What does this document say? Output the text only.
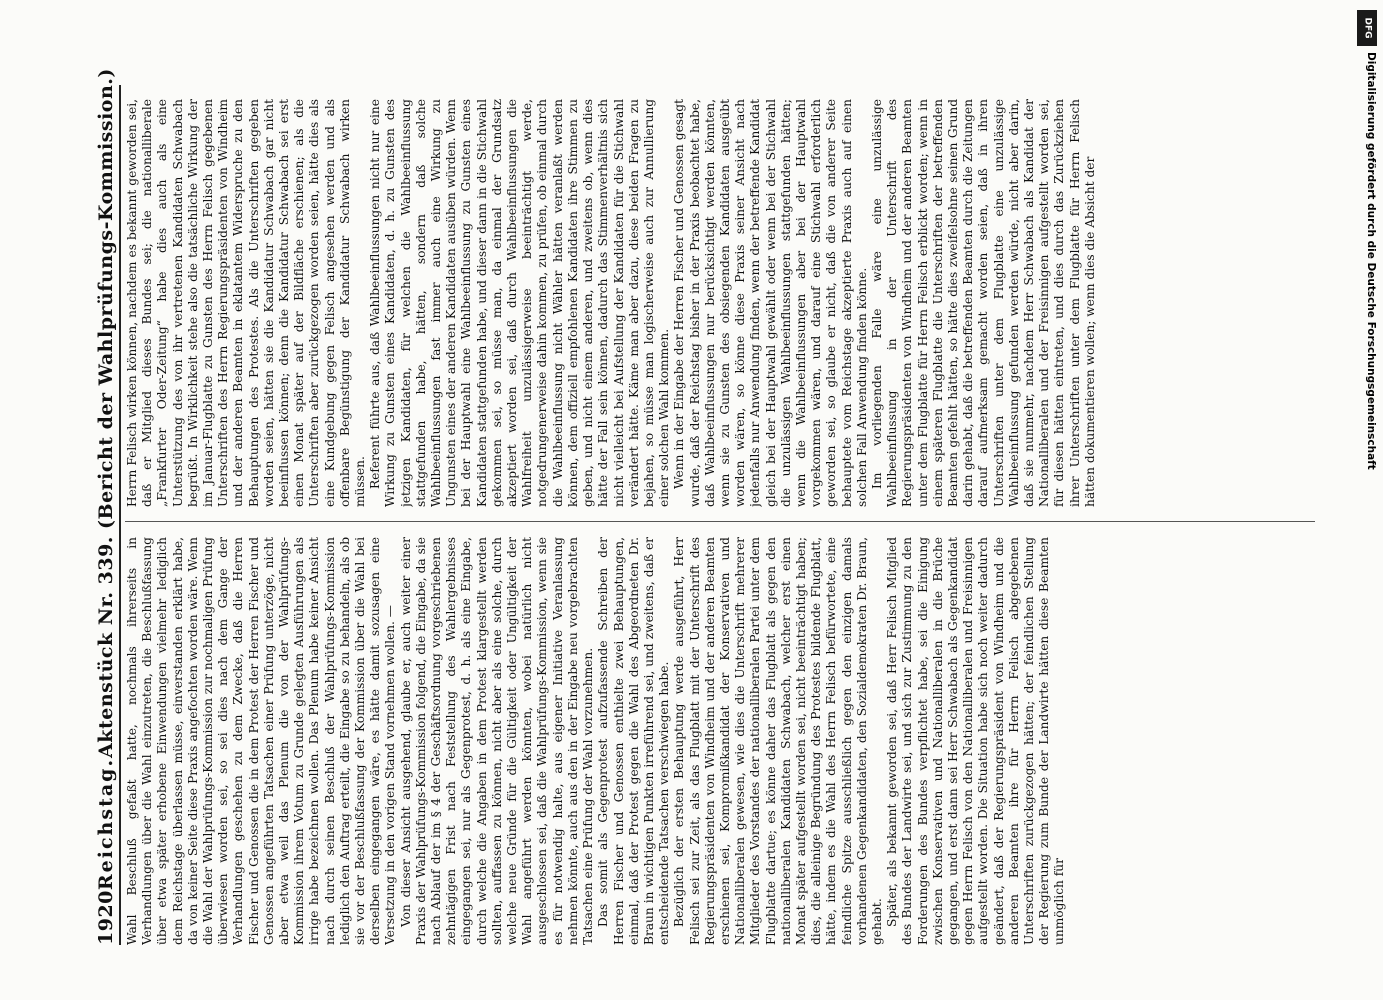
1920
Reichstag.
Aktenstück Nr. 339. (Bericht der Wahlprüfungs-Kommission.) Wahl Beschluß gefaßt hatte, nochmals ihrerseits in Verhandlungen über die Wahl einzutreten, die Beschlußfassung über etwa später erhobene Einwendungen vielmehr lediglich dem Reichstage überlassen müsse, einverstanden erklärt habe, da von keiner Seite diese Praxis angefochten worden wäre. Wenn die Wahl der Wahlprüfungs-Kommission zur nochmaligen Prüfung überwiesen worden sei, so sei dies nach dem Gange der Verhandlungen geschehen zu dem Zwecke, daß die Herren Fischer und Genossen die in dem Protest der Herren Fischer und Genossen angeführten Tatsachen einer Prüfung unterzöge, nicht aber etwa weil das Plenum die von der Wahlprüfungs-Kommission ihrem Votum zu Grunde gelegten Ausführungen als irrige habe bezeichnen wollen. Das Plenum habe keiner Ansicht nach durch seinen Beschluß der Wahlprüfungs-Kommission lediglich den Auftrag erteilt, die Eingabe so zu behandeln, als ob sie vor der Beschlußfassung der Kommission über die Wahl bei derselben eingegangen wäre, es hätte damit sozusagen eine Versetzung in den vorigen Stand vornehmen wollen. — Von dieser Ansicht ausgehend, glaube er, auch weiter einer Praxis der Wahlprüfungs-Kommission folgend, die Eingabe, da sie nach Ablauf der im § 4 der Geschäftsordnung vorgeschriebenen zehntägigen Frist nach Feststellung des Wahlergebnisses eingegangen sei, nur als Gegenprotest, d. h. als eine Eingabe, durch welche die Angaben in dem Protest klargestellt werden sollten, auffassen zu können, nicht aber als eine solche, durch welche neue Gründe für die Gültigkeit oder Ungültigkeit der Wahl angeführt werden könnten, wobei natürlich nicht ausgeschlossen sei, daß die Wahlprüfungs-Kommission, wenn sie es für notwendig halte, aus eigener Initiative Veranlassung nehmen könnte, auch aus den in der Eingabe neu vorgebrachten Tatsachen eine Prüfung der Wahl vorzunehmen. Das somit als Gegenprotest aufzufassende Schreiben der Herren Fischer und Genossen enthielte zwei Behauptungen, einmal, daß der Protest gegen die Wahl des Abgeordneten Dr. Braun in wichtigen Punkten irreführend sei, und zweitens, daß er entscheidende Tatsachen verschwiegen habe. Bezüglich der ersten Behauptung werde ausgeführt, Herr Felisch sei zur Zeit, als das Flugblatt mit der Unterschrift des Regierungspräsidenten von Windheim und der anderen Beamten erschienen sei, Kompromißkandidat der Konservativen und Nationalliberalen gewesen, wie dies die Unterschrift mehrerer Mitglieder des Vorstandes der nationalliberalen Partei unter dem Flugblatte dartue; es könne daher das Flugblatt als gegen den nationalliberalen Kandidaten Schwabach, welcher erst einen Monat später aufgestellt worden sei, nicht beeinträchtigt haben; dies, die alleinige Begründung des Protestes bildende Flugblatt, hätte, indem es die Wahl des Herrn Felisch befürwortete, eine feindliche Spitze ausschließlich gegen den einzigen damals vorhandenen Gegenkandidaten, den Sozialdemokraten Dr. Braun, gehabt. Später, als bekannt geworden sei, daß Herr Felisch Mitglied des Bundes der Landwirte sei, und sich zur Zustimmung zu den Forderungen des Bundes verpflichtet habe, sei die Einigung zwischen Konservativen und Nationalliberalen in die Brüche gegangen, und erst dann sei Herr Schwabach als Gegenkandidat gegen Herrn Felisch von den Nationalliberalen und Freisinnigen aufgestellt worden. Die Situation habe sich noch weiter dadurch geändert, daß der Regierungspräsident von Windheim und die anderen Beamten ihre für Herrn Felisch abgegebenen Unterschriften zurückgezogen hätten; der feindlichen Stellung der Regierung zum Bunde der Landwirte hätten diese Beamten unmöglich für

Herrn Felisch wirken können, nachdem es bekannt geworden sei, daß er Mitglied dieses Bundes sei; die nationalliberale „Frankfurter Oder-Zeitung“ habe dies auch als eine Unterstützung des von ihr vertretenen Kandidaten Schwabach begrüßt. In Wirklichkeit stehe also die tatsächliche Wirkung der im Januar-Flugblatte zu Gunsten des Herrn Felisch gegebenen Unterschriften des Herrn Regierungspräsidenten von Windheim und der anderen Beamten in eklatantem Widerspruche zu den Behauptungen des Protestes. Als die Unterschriften gegeben worden seien, hätten sie die Kandidatur Schwabach gar nicht beeinflussen können; denn die Kandidatur Schwabach sei erst einen Monat später auf der Bildfläche erschienen; als die Unterschriften aber zurückgezogen worden seien, hätte dies als eine Kundgebung gegen Felisch angesehen werden und als offenbare Begünstigung der Kandidatur Schwabach wirken müssen. Referent führte aus, daß Wahlbeeinflussungen nicht nur eine Wirkung zu Gunsten eines Kandidaten, d. h. zu Gunsten des jetzigen Kandidaten, für welchen die Wahlbeeinflussung stattgefunden habe, hätten, sondern daß solche Wahlbeeinflussungen fast immer auch eine Wirkung zu Ungunsten eines der anderen Kandidaten ausüben würden. Wenn bei der Hauptwahl eine Wahlbeeinflussung zu Gunsten eines Kandidaten stattgefunden habe, und dieser dann in die Stichwahl gekommen sei, so müsse man, da einmal der Grundsatz akzeptiert worden sei, daß durch Wahlbeeinflussungen die Wahlfreiheit unzulässigerweise beeinträchtigt werde, notgedrungenerweise dahin kommen, zu prüfen, ob einmal durch die Wahlbeeinflussung nicht Wähler hätten veranlaßt werden können, dem offiziell empfohlenen Kandidaten ihre Stimmen zu geben, und nicht einem anderen, und zweitens ob, wenn dies hätte der Fall sein können, dadurch das Stimmenverhältnis sich nicht vielleicht bei Aufstellung der Kandidaten für die Stichwahl verändert hätte. Käme man aber dazu, diese beiden Fragen zu bejahen, so müsse man logischerweise auch zur Annullierung einer solchen Wahl kommen. Wenn in der Eingabe der Herren Fischer und Genossen gesagt wurde, daß der Reichstag bisher in der Praxis beobachtet habe, daß Wahlbeeinflussungen nur berücksichtigt werden könnten, wenn sie zu Gunsten des obsiegenden Kandidaten ausgeübt worden wären, so könne diese Praxis seiner Ansicht nach jedenfalls nur Anwendung finden, wenn der betreffende Kandidat gleich bei der Hauptwahl gewählt oder wenn bei der Stichwahl die unzulässigen Wahlbeeinflussungen stattgefunden hätten; wenn die Wahlbeeinflussungen aber bei der Hauptwahl vorgekommen wären, und darauf eine Stichwahl erforderlich geworden sei, so glaube er nicht, daß die von anderer Seite behauptete vom Reichstage akzeptierte Praxis auch auf einen solchen Fall Anwendung finden könne. Im vorliegenden Falle wäre eine unzulässige Wahlbeeinflussung in der Unterschrift des Regierungspräsidenten von Windheim und der anderen Beamten unter dem Flugblatte für Herrn Felisch erblickt worden; wenn in einem späteren Flugblatte die Unterschriften der betreffenden Beamten gefehlt hätten, so hätte dies zweifelsohne seinen Grund darin gehabt, daß die betreffenden Beamten durch die Zeitungen darauf aufmerksam gemacht worden seien, daß in ihren Unterschriften unter dem Flugblatte eine unzulässige Wahlbeeinflussung gefunden werden würde, nicht aber darin, daß sie nunmehr, nachdem Herr Schwabach als Kandidat der Nationalliberalen und der Freisinnigen aufgestellt worden sei, für diesen hätten eintreten, und dies durch das Zurückziehen ihrer Unterschriften unter dem Flugblatte für Herrn Felisch hätten dokumentieren wollen; wenn dies die Absicht der

DFG
Digitalisierung gefördert durch die Deutsche Forschungsgemeinschaft
